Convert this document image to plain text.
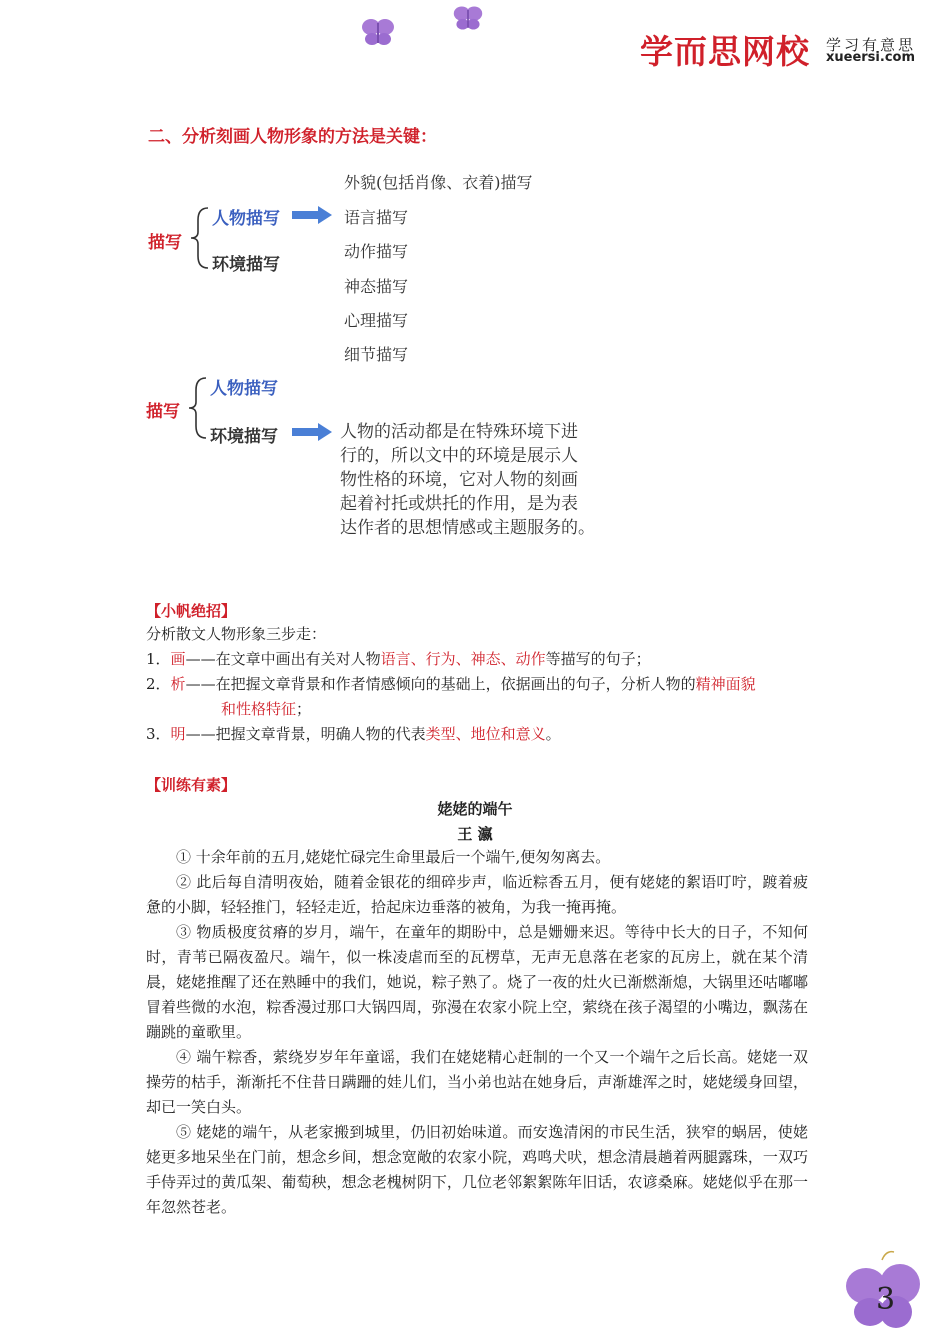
学而思网校 学习有意思
xueersi.com
二、分析刻画人物形象的方法是关键：
描写
人物描写
环境描写
外貌(包括肖像、衣着)描写
语言描写
动作描写
神态描写
心理描写
细节描写
描写
人物描写
环境描写	人物的活动都是在特殊环境下进
行的，所以文中的环境是展示人
物性格的环境，它对人物的刻画
起着衬托或烘托的作用，是为表
达作者的思想情感或主题服务的。
【小帆绝招】
分析散文人物形象三步走：
1．画——在文章中画出有关对人物语言、行为、神态、动作等描写的句子；
2．析——在把握文章背景和作者情感倾向的基础上，依据画出的句子，分析人物的精神面貌
和性格特征；
3．明——把握文章背景，明确人物的代表类型、地位和意义。
【训练有素】
姥姥的端午
王 瀛

① 十余年前的五月,姥姥忙碌完生命里最后一个端午,便匆匆离去。

② 此后每自清明夜始，随着金银花的细碎步声，临近粽香五月，便有姥姥的絮语叮咛，踱着疲惫的小脚，轻轻推门，轻轻走近，拾起床边垂落的被角，为我一掩再掩。

③ 物质极度贫瘠的岁月，端午，在童年的期盼中，总是姗姗来迟。等待中长大的日子，不知何时，青苇已隔夜盈尺。端午，似一株凌虐而至的瓦楞草，无声无息落在老家的瓦房上，就在某个清晨，姥姥推醒了还在熟睡中的我们，她说，粽子熟了。烧了一夜的灶火已渐燃渐熄，大锅里还咕嘟嘟冒着些微的水泡，粽香漫过那口大锅四周，弥漫在农家小院上空，萦绕在孩子渴望的小嘴边，飘荡在蹦跳的童歌里。

④ 端午粽香，萦绕岁岁年年童谣，我们在姥姥精心赶制的一个又一个端午之后长高。姥姥一双操劳的枯手，渐渐托不住昔日蹒跚的娃儿们，当小弟也站在她身后，声渐雄浑之时，姥姥缓身回望，却已一笑白头。

⑤ 姥姥的端午，从老家搬到城里，仍旧初始味道。而安逸清闲的市民生活，狭窄的蜗居，使姥姥更多地呆坐在门前，想念乡间，想念宽敞的农家小院，鸡鸣犬吠，想念清晨趟着两腿露珠，一双巧手侍弄过的黄瓜架、葡萄秧，想念老槐树阴下，几位老邻絮絮陈年旧话，农谚桑麻。姥姥似乎在那一年忽然苍老。

3
